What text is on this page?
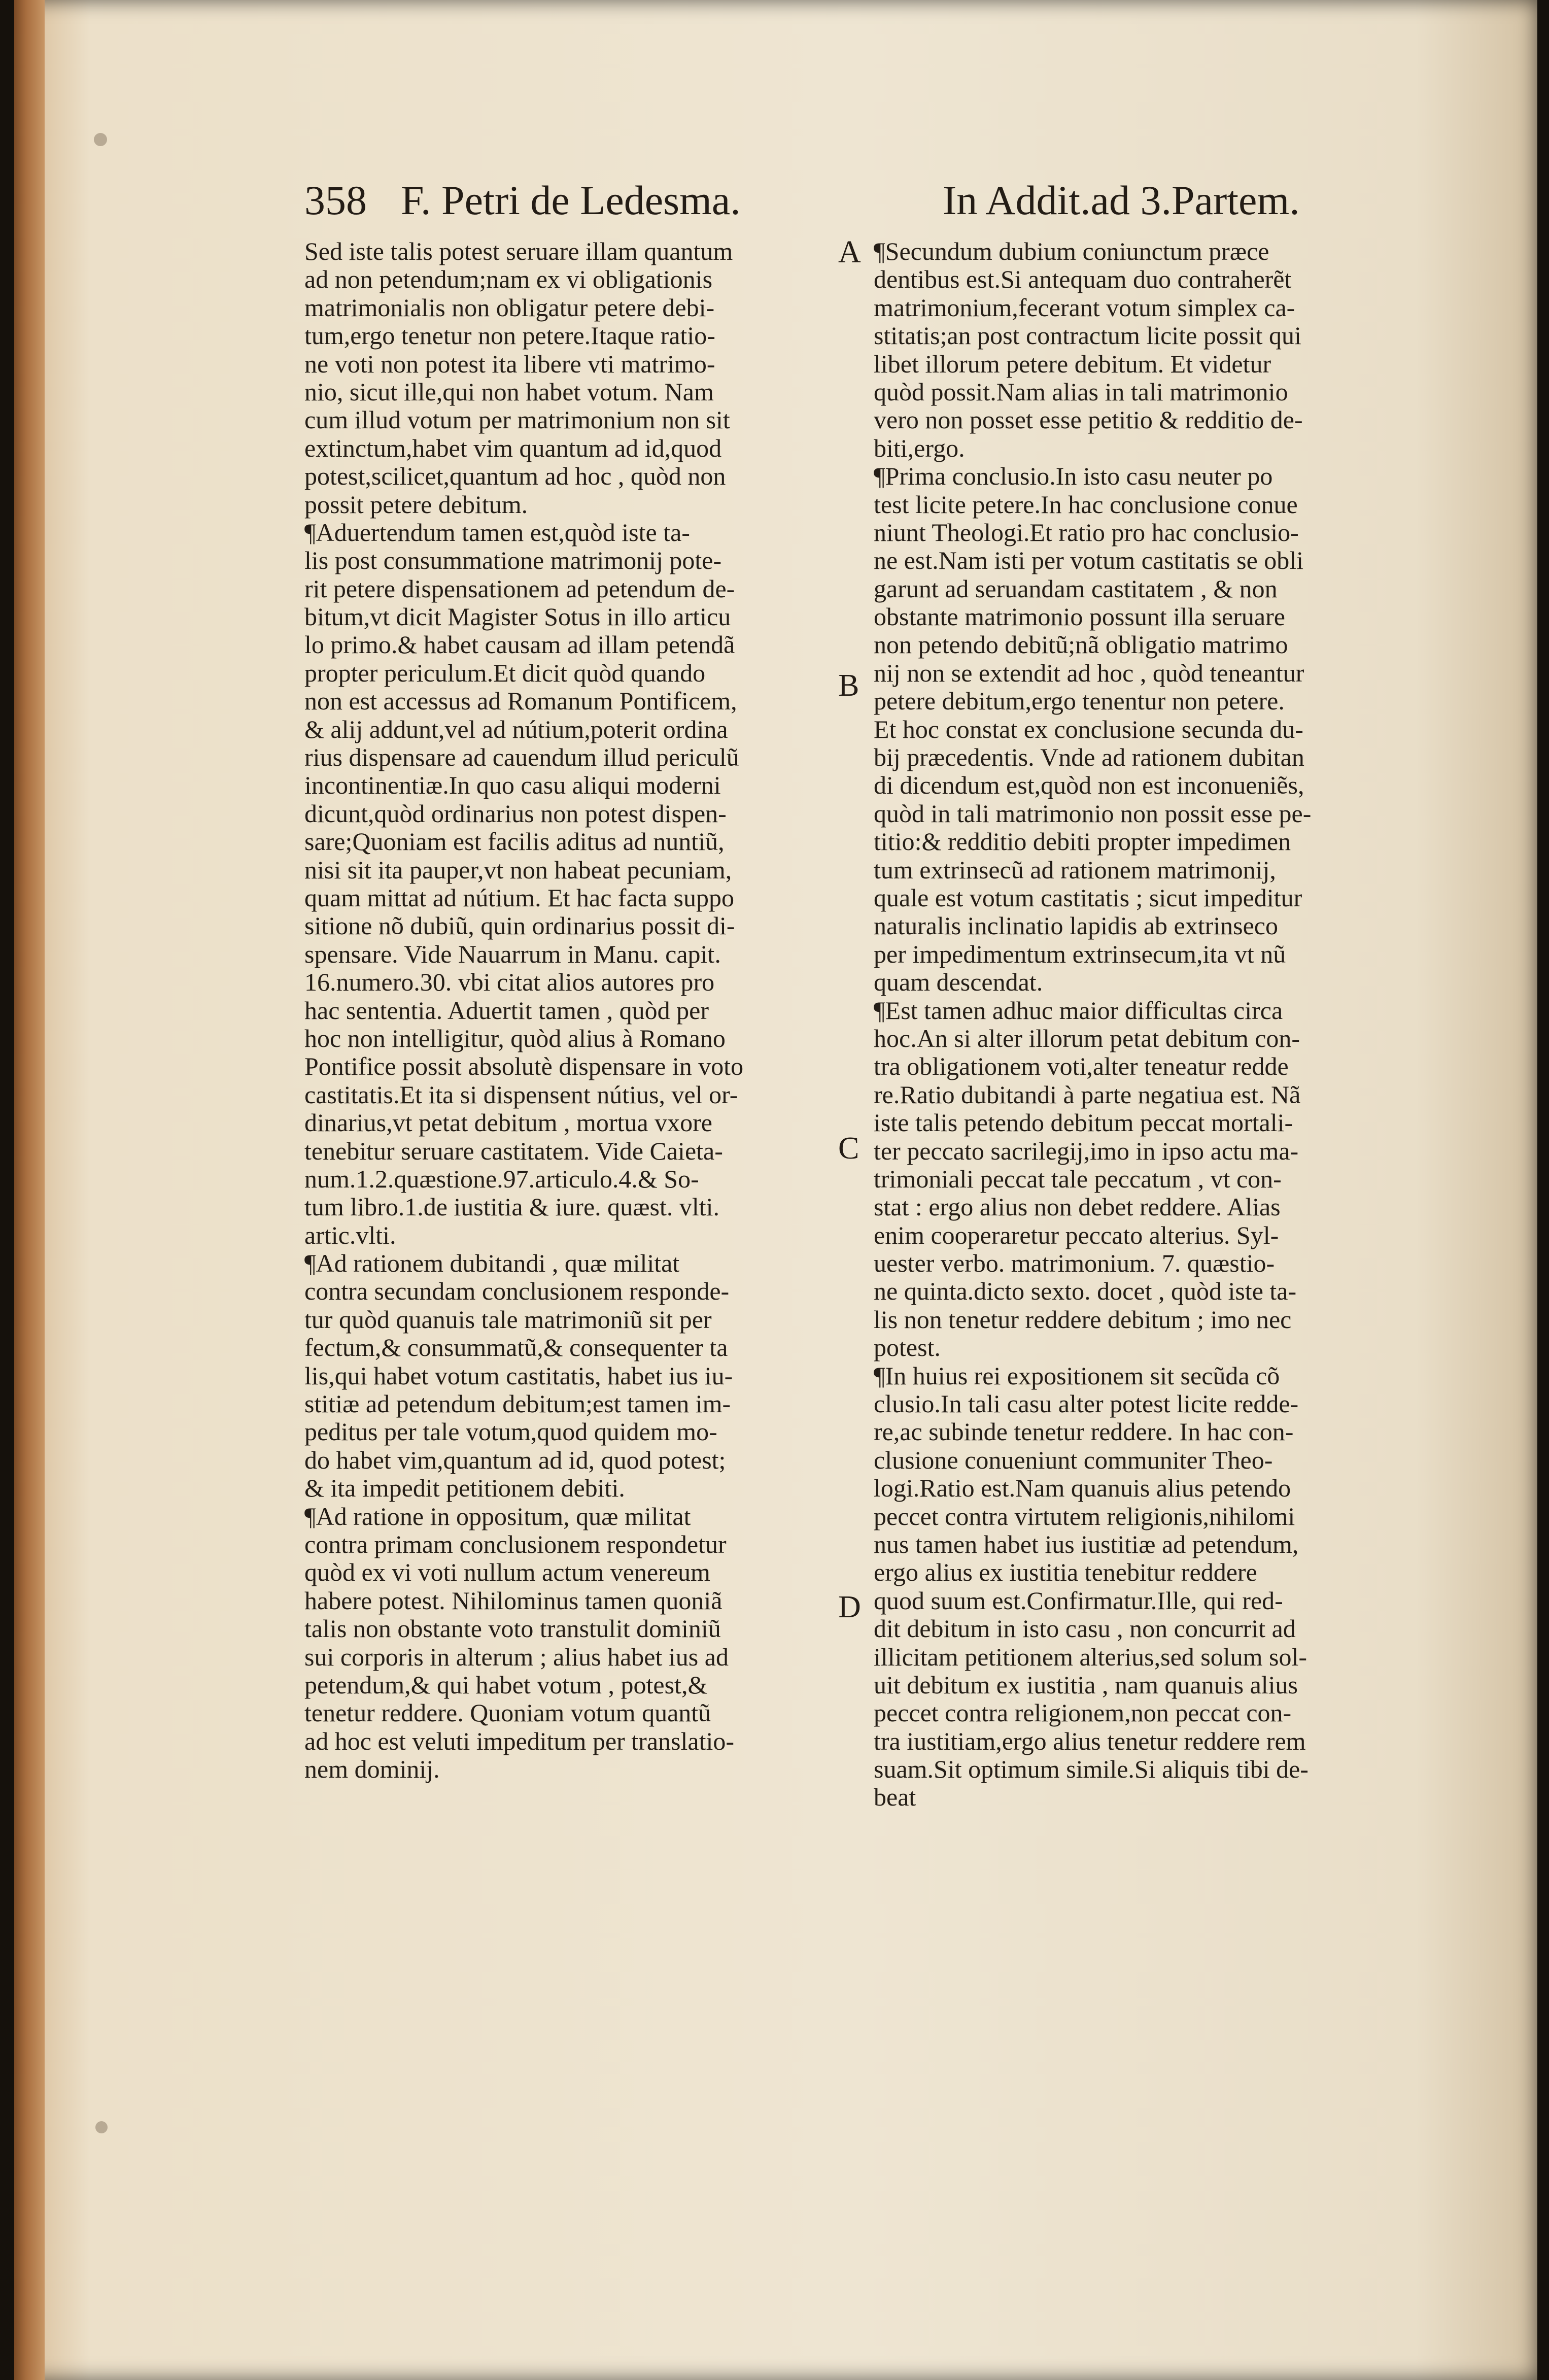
358 F. Petri de Ledesma.	In Addit.ad 3.Partem.
Sed iste talis potest seruare illam quantum
ad non petendum;nam ex vi obligationis
matrimonialis non obligatur petere debi-
tum,ergo tenetur non petere.Itaque ratio-
ne voti non potest ita libere vti matrimo-
nio, sicut ille,qui non habet votum. Nam
cum illud votum per matrimonium non sit
extinctum,habet vim quantum ad id,quod
potest,scilicet,quantum ad hoc , quòd non
possit petere debitum.
¶Aduertendum tamen est,quòd iste ta-
lis post consummatione matrimonij pote-
rit petere dispensationem ad petendum de-
bitum,vt dicit Magister Sotus in illo articu
lo primo.& habet causam ad illam petendã
propter periculum.Et dicit quòd quando
non est accessus ad Romanum Pontificem,
& alij addunt,vel ad nútium,poterit ordina
rius dispensare ad cauendum illud periculũ
incontinentiæ.In quo casu aliqui moderni
dicunt,quòd ordinarius non potest dispen-
sare;Quoniam est facilis aditus ad nuntiũ,
nisi sit ita pauper,vt non habeat pecuniam,
quam mittat ad nútium. Et hac facta suppo
sitione nõ dubiũ, quin ordinarius possit di-
spensare. Vide Nauarrum in Manu. capit.
16.numero.30. vbi citat alios autores pro
hac sententia. Aduertit tamen , quòd per
hoc non intelligitur, quòd alius à Romano
Pontifice possit absolutè dispensare in voto
castitatis.Et ita si dispensent nútius, vel or-
dinarius,vt petat debitum , mortua vxore
tenebitur seruare castitatem. Vide Caieta-
num.1.2.quæstione.97.articulo.4.& So-
tum libro.1.de iustitia & iure. quæst. vlti.
artic.vlti.
¶Ad rationem dubitandi , quæ militat
contra secundam conclusionem responde-
tur quòd quanuis tale matrimoniũ sit per
fectum,& consummatũ,& consequenter ta
lis,qui habet votum castitatis, habet ius iu-
stitiæ ad petendum debitum;est tamen im-
peditus per tale votum,quod quidem mo-
do habet vim,quantum ad id, quod potest;
& ita impedit petitionem debiti.
¶Ad ratione in oppositum, quæ militat
contra primam conclusionem respondetur
quòd ex vi voti nullum actum venereum
habere potest. Nihilominus tamen quoniã
talis non obstante voto transtulit dominiũ
sui corporis in alterum ; alius habet ius ad
petendum,& qui habet votum , potest,&
tenetur reddere. Quoniam votum quantũ
ad hoc est veluti impeditum per translatio-
nem dominij.
¶Secundum dubium coniunctum præce
dentibus est.Si antequam duo contraherẽt
matrimonium,fecerant votum simplex ca-
stitatis;an post contractum licite possit qui
libet illorum petere debitum. Et videtur
quòd possit.Nam alias in tali matrimonio
vero non posset esse petitio & redditio de-
biti,ergo.
¶Prima conclusio.In isto casu neuter po
test licite petere.In hac conclusione conue
niunt Theologi.Et ratio pro hac conclusio-
ne est.Nam isti per votum castitatis se obli
garunt ad seruandam castitatem , & non
obstante matrimonio possunt illa seruare
non petendo debitũ;nã obligatio matrimo
nij non se extendit ad hoc , quòd teneantur
petere debitum,ergo tenentur non petere.
Et hoc constat ex conclusione secunda du-
bij præcedentis. Vnde ad rationem dubitan
di dicendum est,quòd non est inconueniẽs,
quòd in tali matrimonio non possit esse pe-
titio:& redditio debiti propter impedimen
tum extrinsecũ ad rationem matrimonij,
quale est votum castitatis ; sicut impeditur
naturalis inclinatio lapidis ab extrinseco
per impedimentum extrinsecum,ita vt nũ
quam descendat.
¶Est tamen adhuc maior difficultas circa
hoc.An si alter illorum petat debitum con-
tra obligationem voti,alter teneatur redde
re.Ratio dubitandi à parte negatiua est. Nã
iste talis petendo debitum peccat mortali-
ter peccato sacrilegij,imo in ipso actu ma-
trimoniali peccat tale peccatum , vt con-
stat : ergo alius non debet reddere. Alias
enim cooperaretur peccato alterius. Syl-
uester verbo. matrimonium. 7. quæstio-
ne quinta.dicto sexto. docet , quòd iste ta-
lis non tenetur reddere debitum ; imo nec
potest.
¶In huius rei expositionem sit secũda cõ
clusio.In tali casu alter potest licite redde-
re,ac subinde tenetur reddere. In hac con-
clusione conueniunt communiter Theo-
logi.Ratio est.Nam quanuis alius petendo
peccet contra virtutem religionis,nihilomi
nus tamen habet ius iustitiæ ad petendum,
ergo alius ex iustitia tenebitur reddere
quod suum est.Confirmatur.Ille, qui red-
dit debitum in isto casu , non concurrit ad
illicitam petitionem alterius,sed solum sol-
uit debitum ex iustitia , nam quanuis alius
peccet contra religionem,non peccat con-
tra iustitiam,ergo alius tenetur reddere rem
suam.Sit optimum simile.Si aliquis tibi de-
beat
A
B
C
D
